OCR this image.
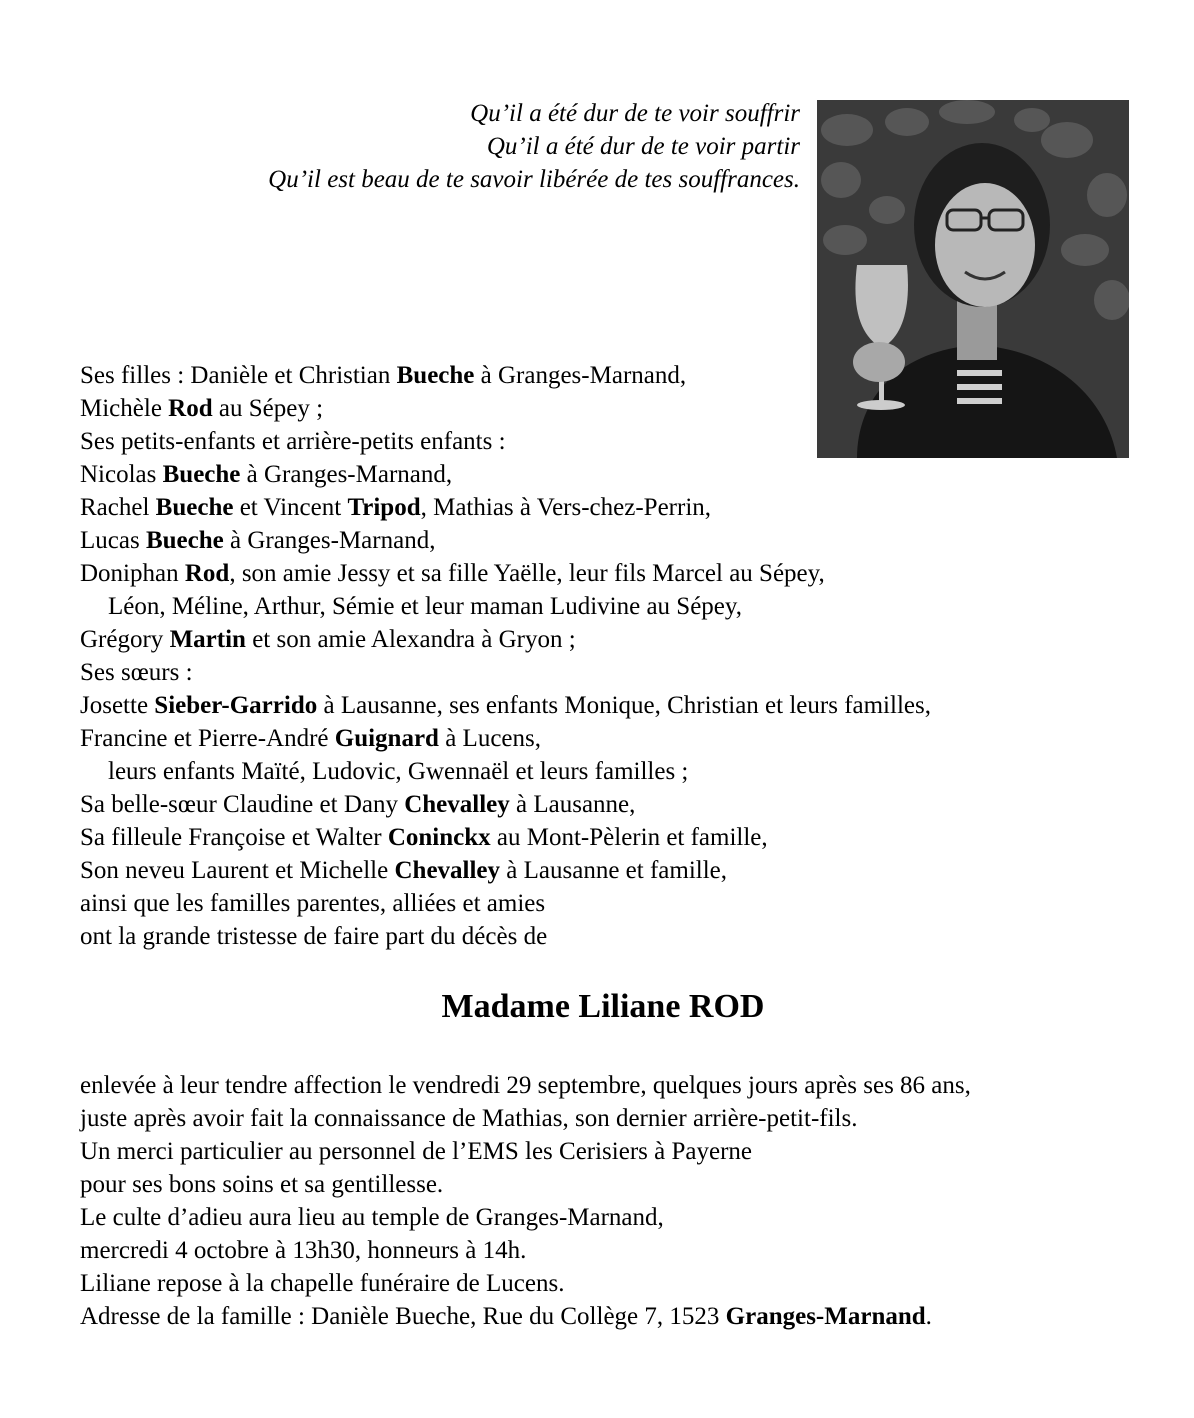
Qu’il a été dur de te voir souffrir
Qu’il a été dur de te voir partir
Qu’il est beau de te savoir libérée de tes souffrances.
Ses filles : Danièle et Christian Bueche à Granges-Marnand,
Michèle Rod au Sépey ;
Ses petits-enfants et arrière-petits enfants :
Nicolas Bueche à Granges-Marnand,
Rachel Bueche et Vincent Tripod, Mathias à Vers-chez-Perrin,
Lucas Bueche à Granges-Marnand,
Doniphan Rod, son amie Jessy et sa fille Yaëlle, leur fils Marcel au Sépey,
Léon, Méline, Arthur, Sémie et leur maman Ludivine au Sépey,
Grégory Martin et son amie Alexandra à Gryon ;
Ses sœurs :
Josette Sieber-Garrido à Lausanne, ses enfants Monique, Christian et leurs familles,
Francine et Pierre-André Guignard à Lucens,
leurs enfants Maïté, Ludovic, Gwennaël et leurs familles ;
Sa belle-sœur Claudine et Dany Chevalley à Lausanne,
Sa filleule Françoise et Walter Coninckx au Mont-Pèlerin et famille,
Son neveu Laurent et Michelle Chevalley à Lausanne et famille,
ainsi que les familles parentes, alliées et amies
ont la grande tristesse de faire part du décès de
Madame Liliane ROD
enlevée à leur tendre affection le vendredi 29 septembre, quelques jours après ses 86 ans,
juste après avoir fait la connaissance de Mathias, son dernier arrière-petit-fils.
Un merci particulier au personnel de l’EMS les Cerisiers à Payerne
pour ses bons soins et sa gentillesse.
Le culte d’adieu aura lieu au temple de Granges-Marnand,
mercredi 4 octobre à 13h30, honneurs à 14h.
Liliane repose à la chapelle funéraire de Lucens.
Adresse de la famille : Danièle Bueche, Rue du Collège 7, 1523 Granges-Marnand.
